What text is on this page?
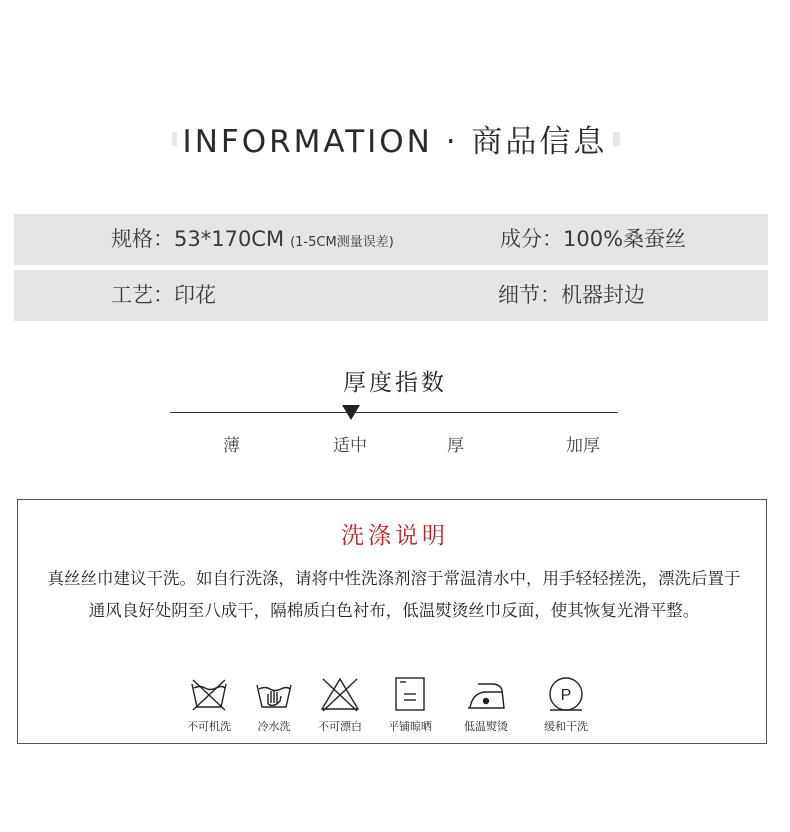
INFORMATION · 商品信息
规格：53*170CM (1-5CM测量误差)	成分：100%桑蚕丝
工艺：印花	细节：机器封边
厚度指数
薄	适中	厚	加厚
洗涤说明
真丝丝巾建议干洗。如自行洗涤，请将中性洗涤剂溶于常温清水中，用手轻轻搓洗，漂洗后置于通风良好处阴至八成干，隔棉质白色衬布，低温熨烫丝巾反面，使其恢复光滑平整。
P
不可机洗	冷水洗	不可漂白	平铺晾晒	低温熨烫	缓和干洗
